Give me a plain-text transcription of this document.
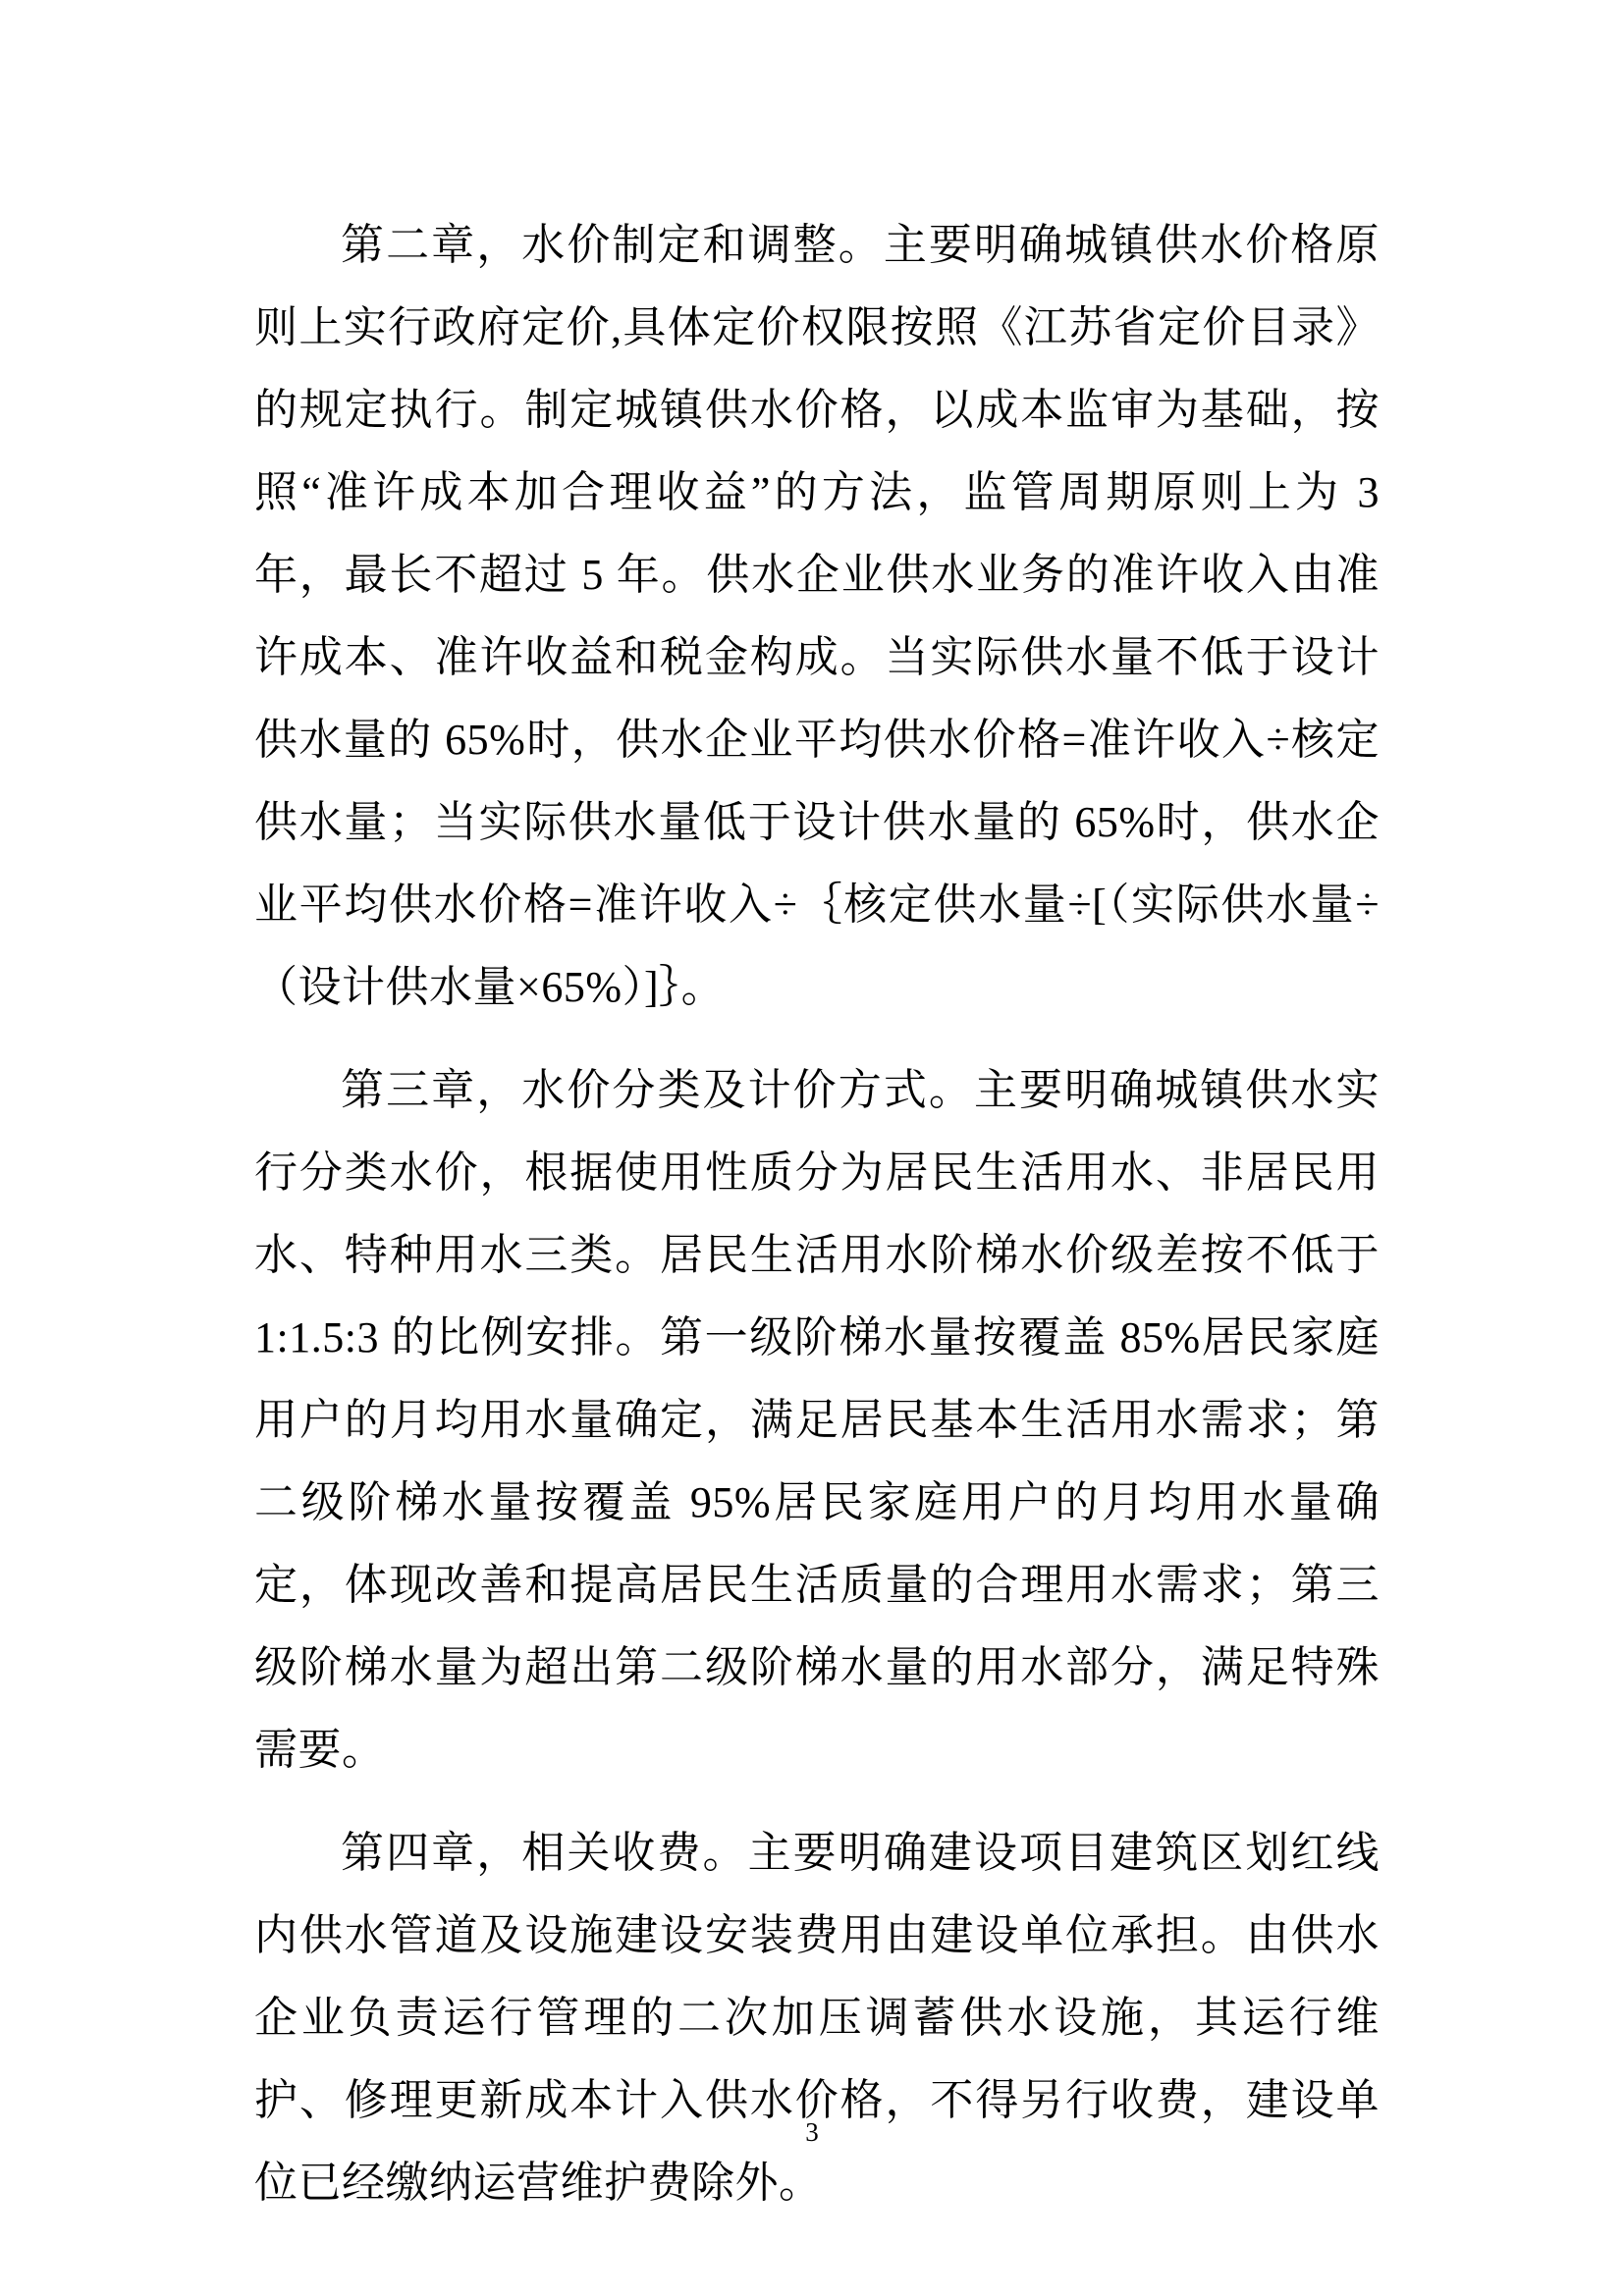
第二章，水价制定和调整。主要明确城镇供水价格原则上实行政府定价,具体定价权限按照《江苏省定价目录》的规定执行。制定城镇供水价格，以成本监审为基础，按照“准许成本加合理收益”的方法，监管周期原则上为 3 年，最长不超过 5 年。供水企业供水业务的准许收入由准许成本、准许收益和税金构成。当实际供水量不低于设计供水量的 65%时，供水企业平均供水价格=准许收入÷核定供水量；当实际供水量低于设计供水量的 65%时，供水企业平均供水价格=准许收入÷｛核定供水量÷[（实际供水量÷（设计供水量×65%）]｝。

第三章，水价分类及计价方式。主要明确城镇供水实行分类水价，根据使用性质分为居民生活用水、非居民用水、特种用水三类。居民生活用水阶梯水价级差按不低于 1:1.5:3 的比例安排。第一级阶梯水量按覆盖 85%居民家庭用户的月均用水量确定，满足居民基本生活用水需求；第二级阶梯水量按覆盖 95%居民家庭用户的月均用水量确定，体现改善和提高居民生活质量的合理用水需求；第三级阶梯水量为超出第二级阶梯水量的用水部分，满足特殊需要。

第四章，相关收费。主要明确建设项目建筑区划红线内供水管道及设施建设安装费用由建设单位承担。由供水企业负责运行管理的二次加压调蓄供水设施，其运行维护、修理更新成本计入供水价格，不得另行收费，建设单位已经缴纳运营维护费除外。

3
